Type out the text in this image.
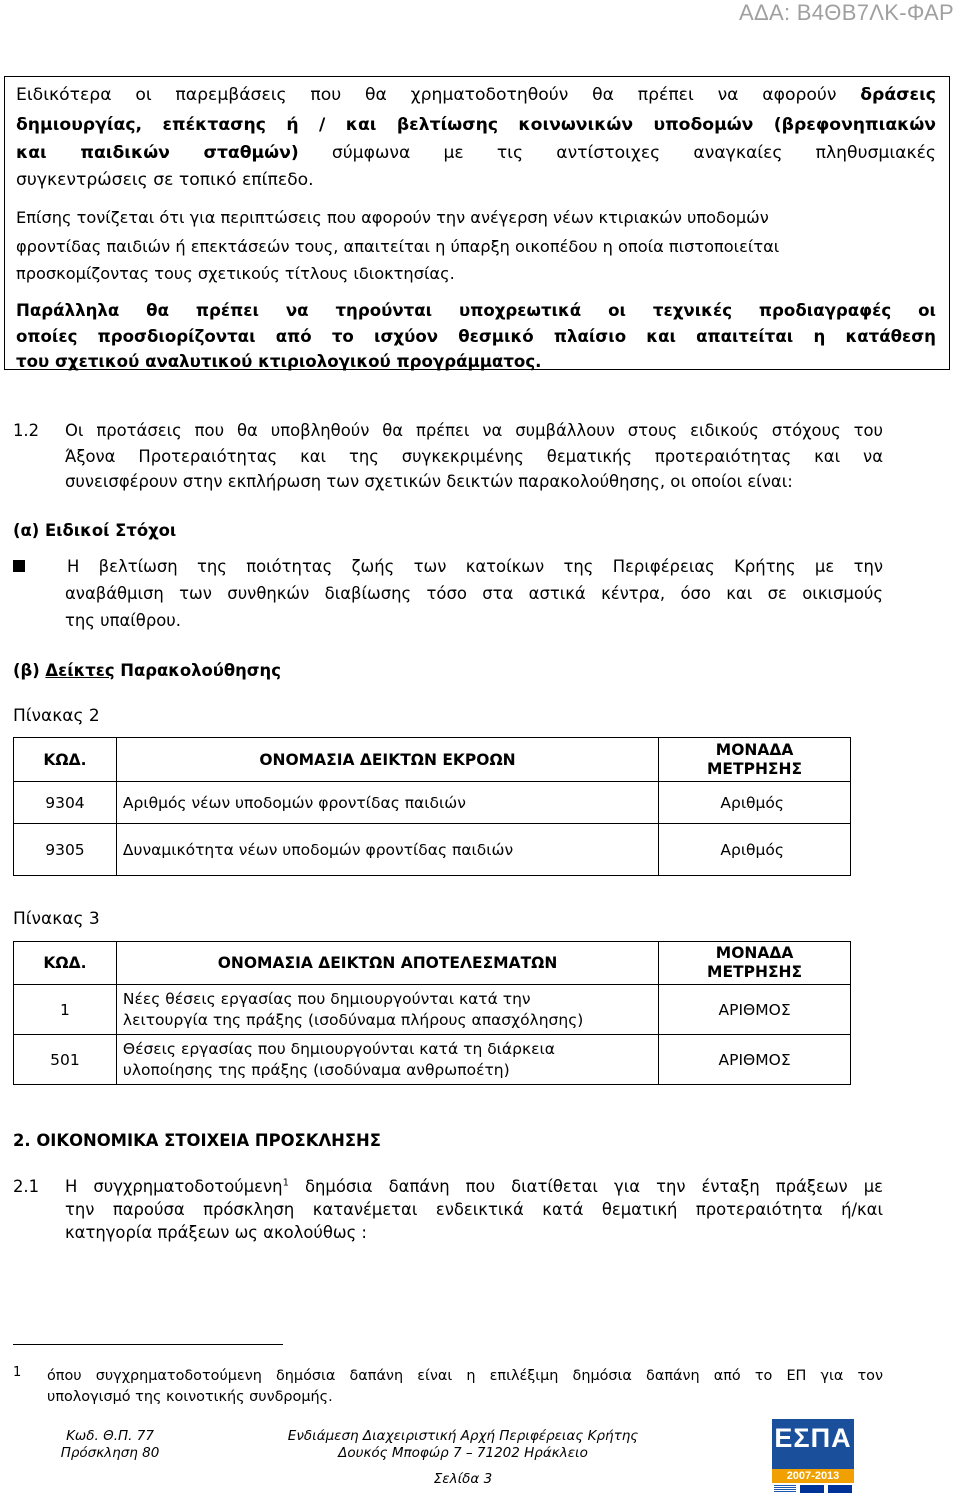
ΑΔΑ: Β4ΘΒ7ΛΚ-ΦΑΡ
Ειδικότερα οι παρεμβάσεις που θα χρηματοδοτηθούν θα πρέπει να αφορούν δράσεις
δημιουργίας, επέκτασης ή / και βελτίωσης κοινωνικών υποδομών (βρεφονηπιακών
και παιδικών σταθμών) σύμφωνα με τις αντίστοιχες αναγκαίες πληθυσμιακές
συγκεντρώσεις σε τοπικό επίπεδο.
Επίσης τονίζεται ότι για περιπτώσεις που αφορούν την ανέγερση νέων κτιριακών υποδομών
φροντίδας παιδιών ή επεκτάσεών τους, απαιτείται η ύπαρξη οικοπέδου η οποία πιστοποιείται
προσκομίζοντας τους σχετικούς τίτλους ιδιοκτησίας.
Παράλληλα θα πρέπει να τηρούνται υποχρεωτικά οι τεχνικές προδιαγραφές οι
οποίες προσδιορίζονται από το ισχύον θεσμικό πλαίσιο και απαιτείται η κατάθεση
του σχετικού αναλυτικού κτιριολογικού προγράμματος.
1.2 Οι προτάσεις που θα υποβληθούν θα πρέπει να συμβάλλουν στους ειδικούς στόχους του
Άξονα Προτεραιότητας και της συγκεκριμένης θεματικής προτεραιότητας και να
συνεισφέρουν στην εκπλήρωση των σχετικών δεικτών παρακολούθησης, οι οποίοι είναι:
(α) Ειδικοί Στόχοι
Η βελτίωση της ποιότητας ζωής των κατοίκων της Περιφέρειας Κρήτης με την
αναβάθμιση των συνθηκών διαβίωσης τόσο στα αστικά κέντρα, όσο και σε οικισμούς
της υπαίθρου.
(β) Δείκτες Παρακολούθησης
Πίνακας 2
ΚΩΔ.	ΟΝΟΜΑΣΙΑ ΔΕΙΚΤΩΝ ΕΚΡΟΩΝ	ΜΟΝΑΔΑ
ΜΕΤΡΗΣΗΣ
9304	Αριθμός νέων υποδομών φροντίδας παιδιών	Αριθμός
9305	Δυναμικότητα νέων υποδομών φροντίδας παιδιών	Αριθμός
Πίνακας 3
ΚΩΔ.	ΟΝΟΜΑΣΙΑ ΔΕΙΚΤΩΝ ΑΠΟΤΕΛΕΣΜΑΤΩΝ	ΜΟΝΑΔΑ
ΜΕΤΡΗΣΗΣ
1	Νέες θέσεις εργασίας που δημιουργούνται κατά την
λειτουργία της πράξης (ισοδύναμα πλήρους απασχόλησης)	ΑΡΙΘΜΟΣ
501	Θέσεις εργασίας που δημιουργούνται κατά τη διάρκεια
υλοποίησης της πράξης (ισοδύναμα ανθρωποέτη)	ΑΡΙΘΜΟΣ
2. ΟΙΚΟΝΟΜΙΚΑ ΣΤΟΙΧΕΙΑ ΠΡΟΣΚΛΗΣΗΣ
2.1 Η συγχρηματοδοτούμενη$^1$ δημόσια δαπάνη που διατίθεται για την ένταξη πράξεων με
την παρούσα πρόσκληση κατανέμεται ενδεικτικά κατά θεματική προτεραιότητα ή/και
κατηγορία πράξεων ως ακολούθως :
1 όπου συγχρηματοδοτούμενη δημόσια δαπάνη είναι η επιλέξιμη δημόσια δαπάνη από το ΕΠ για τον
υπολογισμό της κοινοτικής συνδρομής.
Κωδ. Θ.Π. 77
Πρόσκληση 80
Ενδιάμεση Διαχειριστική Αρχή Περιφέρειας Κρήτης
Δουκός Μποφώρ 7 – 71202 Ηράκλειο
Σελίδα 3
ΕΣΠΑ
2007-2013
